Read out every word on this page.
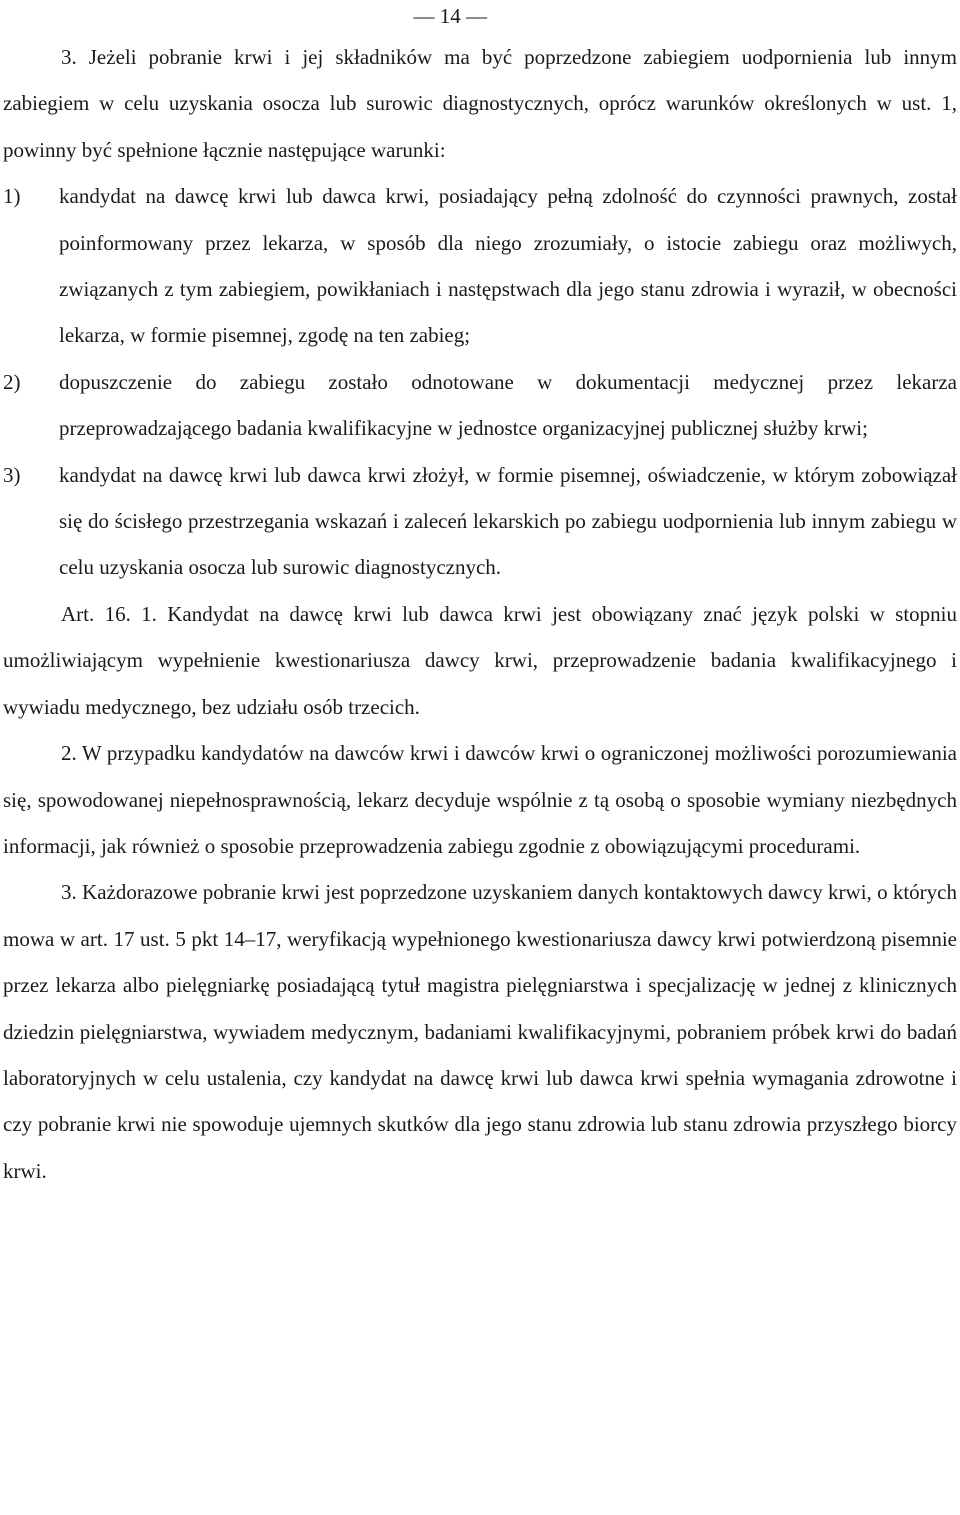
— 14 —

3. Jeżeli pobranie krwi i jej składników ma być poprzedzone zabiegiem uodpornienia lub innym zabiegiem w celu uzyskania osocza lub surowic diagnostycznych, oprócz warunków określonych w ust. 1, powinny być spełnione łącznie następujące warunki:

1)	kandydat na dawcę krwi lub dawca krwi, posiadający pełną zdolność do czynności prawnych, został poinformowany przez lekarza, w sposób dla niego zrozumiały, o istocie zabiegu oraz możliwych, związanych z tym zabiegiem, powikłaniach i następstwach dla jego stanu zdrowia i wyraził, w obecności lekarza, w formie pisemnej, zgodę na ten zabieg;
2)	dopuszczenie do zabiegu zostało odnotowane w dokumentacji medycznej przez lekarza przeprowadzającego badania kwalifikacyjne w jednostce organizacyjnej publicznej służby krwi;
3)	kandydat na dawcę krwi lub dawca krwi złożył, w formie pisemnej, oświadczenie, w którym zobowiązał się do ścisłego przestrzegania wskazań i zaleceń lekarskich po zabiegu uodpornienia lub innym zabiegu w celu uzyskania osocza lub surowic diagnostycznych.

Art. 16. 1. Kandydat na dawcę krwi lub dawca krwi jest obowiązany znać język polski w stopniu umożliwiającym wypełnienie kwestionariusza dawcy krwi, przeprowadzenie badania kwalifikacyjnego i wywiadu medycznego, bez udziału osób trzecich.

2. W przypadku kandydatów na dawców krwi i dawców krwi o ograniczonej możliwości porozumiewania się, spowodowanej niepełnosprawnością, lekarz decyduje wspólnie z tą osobą o sposobie wymiany niezbędnych informacji, jak również o sposobie przeprowadzenia zabiegu zgodnie z obowiązującymi procedurami.

3. Każdorazowe pobranie krwi jest poprzedzone uzyskaniem danych kontaktowych dawcy krwi, o których mowa w art. 17 ust. 5 pkt 14–17, weryfikacją wypełnionego kwestionariusza dawcy krwi potwierdzoną pisemnie przez lekarza albo pielęgniarkę posiadającą tytuł magistra pielęgniarstwa i specjalizację w jednej z klinicznych dziedzin pielęgniarstwa, wywiadem medycznym, badaniami kwalifikacyjnymi, pobraniem próbek krwi do badań laboratoryjnych w celu ustalenia, czy kandydat na dawcę krwi lub dawca krwi spełnia wymagania zdrowotne i czy pobranie krwi nie spowoduje ujemnych skutków dla jego stanu zdrowia lub stanu zdrowia przyszłego biorcy krwi.
